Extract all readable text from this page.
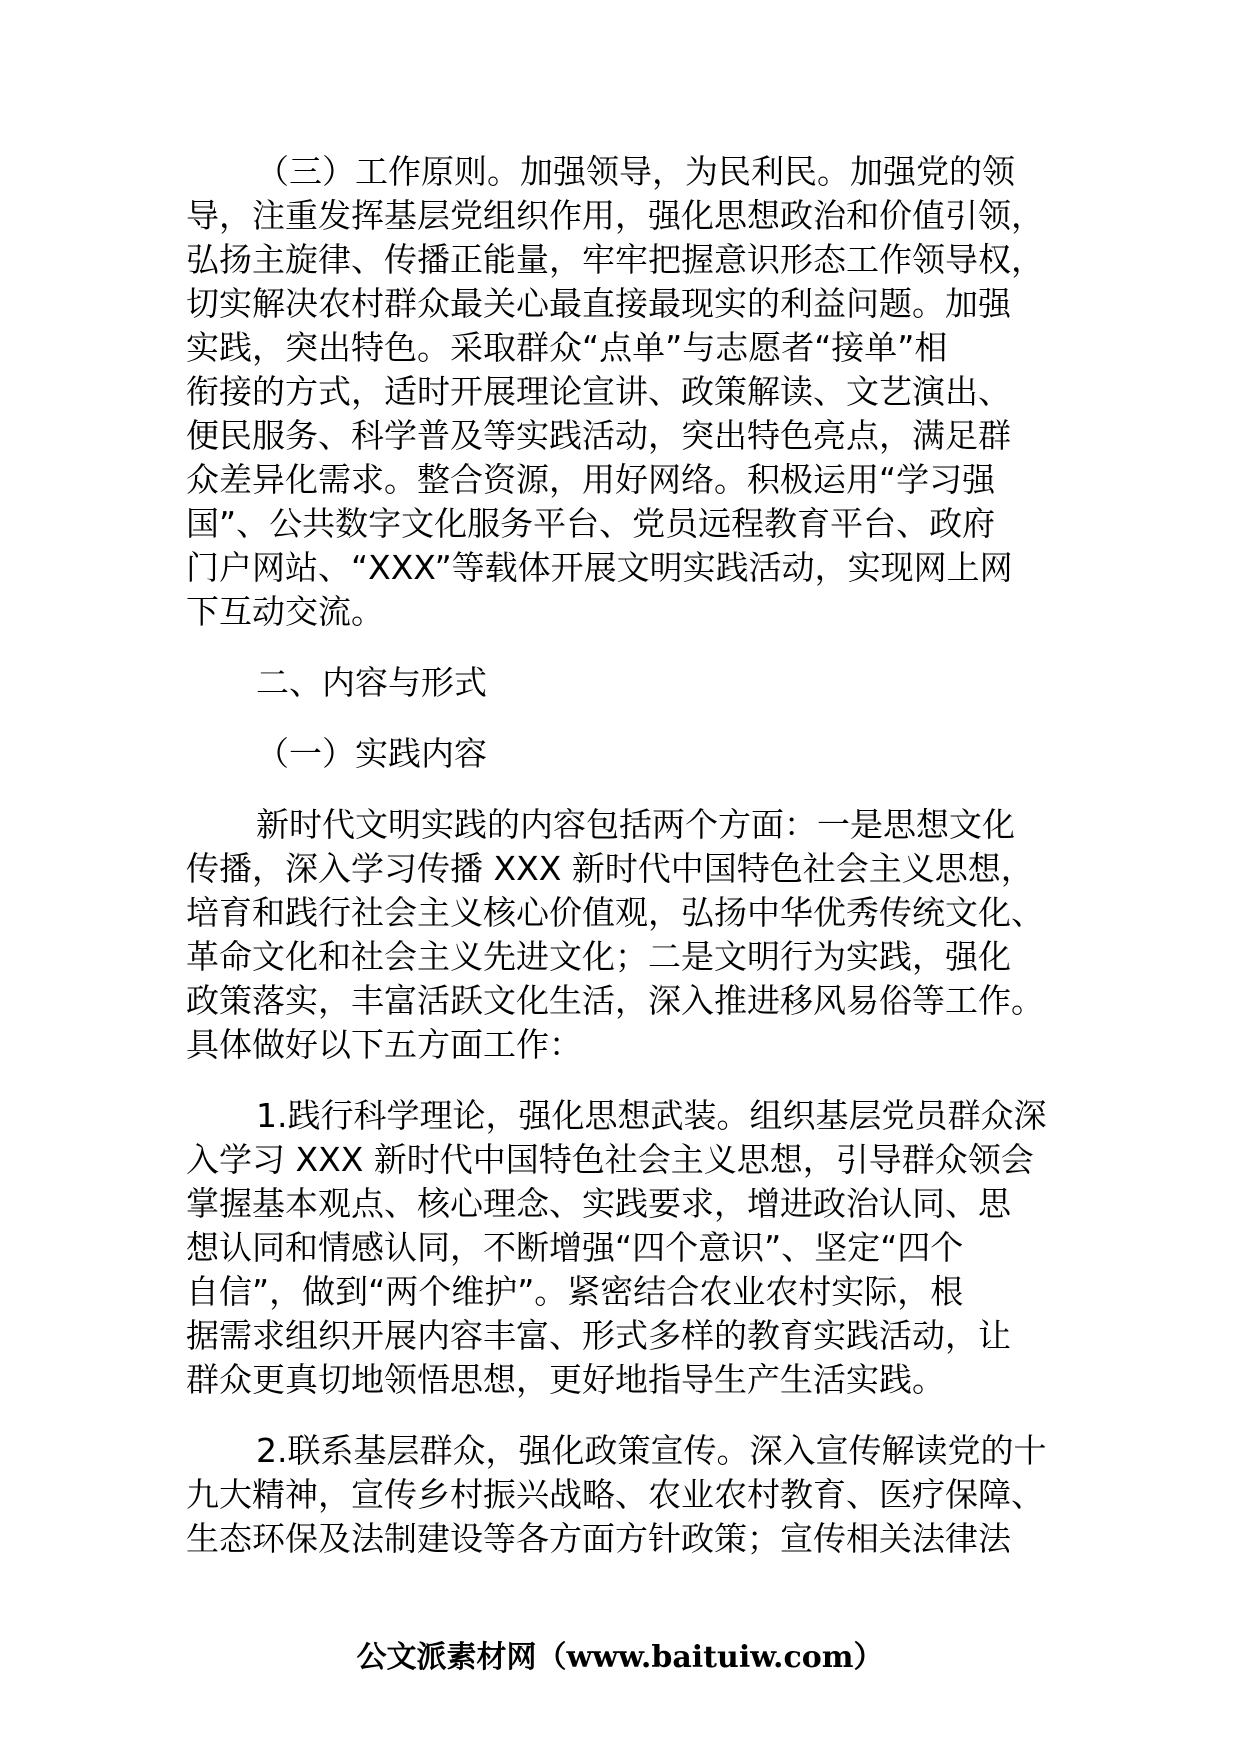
（三）工作原则。加强领导，为民利民。加强党的领
导，注重发挥基层党组织作用，强化思想政治和价值引领，
弘扬主旋律、传播正能量，牢牢把握意识形态工作领导权，
切实解决农村群众最关心最直接最现实的利益问题。加强
实践，突出特色。采取群众“点单”与志愿者“接单”相
衔接的方式，适时开展理论宣讲、政策解读、文艺演出、
便民服务、科学普及等实践活动，突出特色亮点，满足群
众差异化需求。整合资源，用好网络。积极运用“学习强
国”、公共数字文化服务平台、党员远程教育平台、政府
门户网站、“XXX”等载体开展文明实践活动，实现网上网
下互动交流。
二、内容与形式
（一）实践内容
新时代文明实践的内容包括两个方面：一是思想文化
传播，深入学习传播 XXX 新时代中国特色社会主义思想，
培育和践行社会主义核心价值观，弘扬中华优秀传统文化、
革命文化和社会主义先进文化；二是文明行为实践，强化
政策落实，丰富活跃文化生活，深入推进移风易俗等工作。
具体做好以下五方面工作：
1.践行科学理论，强化思想武装。组织基层党员群众深
入学习 XXX 新时代中国特色社会主义思想，引导群众领会
掌握基本观点、核心理念、实践要求，增进政治认同、思
想认同和情感认同，不断增强“四个意识”、坚定“四个
自信”，做到“两个维护”。紧密结合农业农村实际，根
据需求组织开展内容丰富、形式多样的教育实践活动，让
群众更真切地领悟思想，更好地指导生产生活实践。
2.联系基层群众，强化政策宣传。深入宣传解读党的十
九大精神，宣传乡村振兴战略、农业农村教育、医疗保障、
生态环保及法制建设等各方面方针政策；宣传相关法律法
公文派素材网（www.baituiw.com）
